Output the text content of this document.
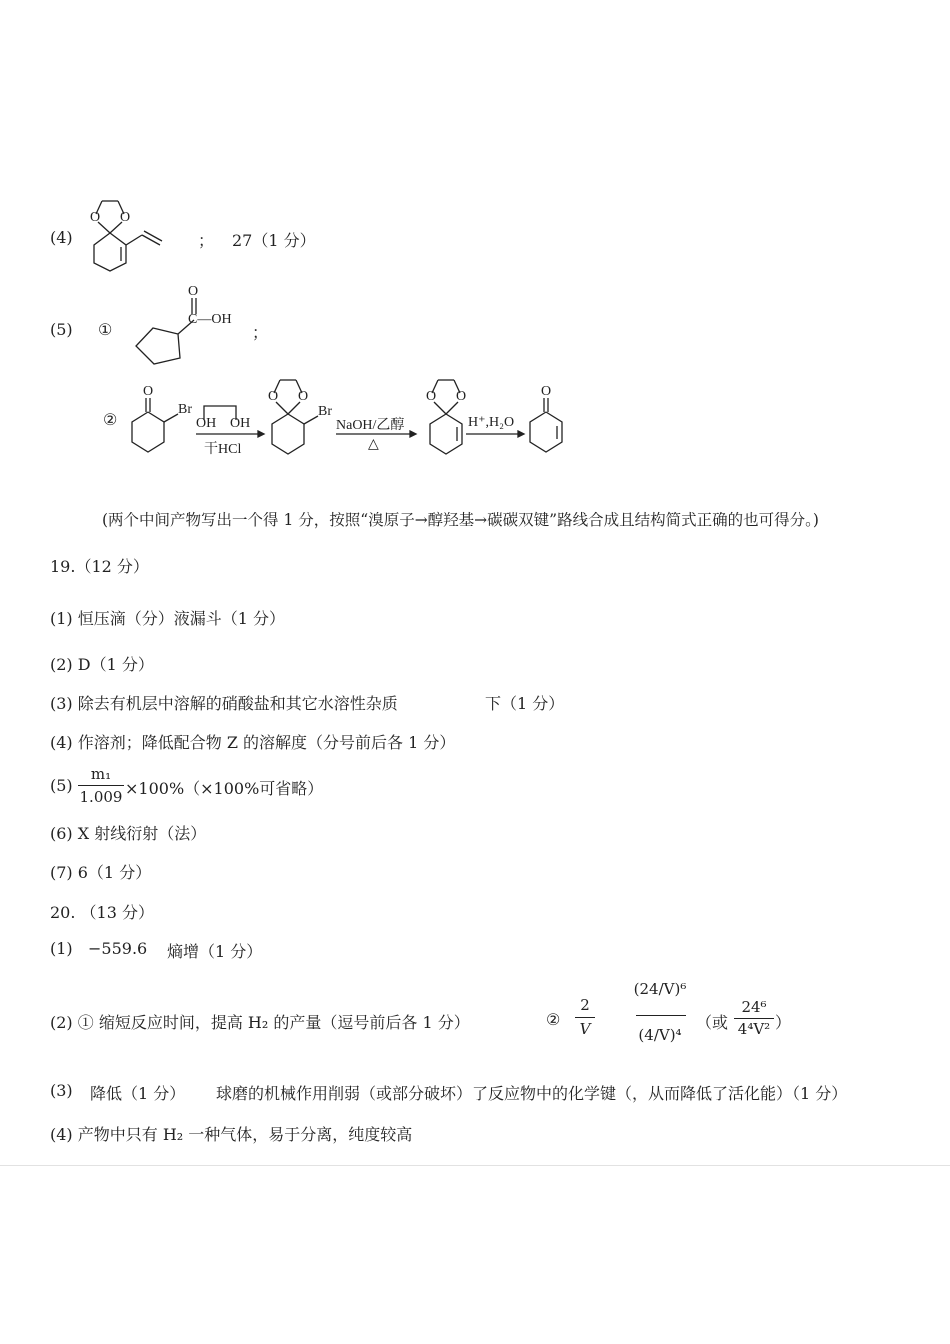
(4)
O O
； 27（1 分）
(5) ①
O
C—OH
；
②
O
Br
OH OH
干HCl
O O
Br
NaOH/乙醇
△
O O
H⁺,H₂O
O
(两个中间产物写出一个得 1 分，按照“溴原子→醇羟基→碳碳双键”路线合成且结构简式正确的也可得分。)
19.（12 分）
(1) 恒压滴（分）液漏斗（1 分）
(2) D（1 分）
(3) 除去有机层中溶解的硝酸盐和其它水溶性杂质	下（1 分）
(4) 作溶剂；降低配合物 Z 的溶解度（分号前后各 1 分）
(5)
m₁
1.009 ×100%（×100%可省略）
(6) X 射线衍射（法）
(7) 6（1 分）
20. （13 分）
(1) −559.6 熵增（1 分）
(2) ① 缩短反应时间，提高 H₂ 的产量（逗号前后各 1 分）	②
2
V
(24/V)⁶
(4/V)⁴
（或
24⁶
4⁴V² ）
(3) 降低（1 分） 球磨的机械作用削弱（或部分破坏）了反应物中的化学键（，从而降低了活化能）（1 分）
(4) 产物中只有 H₂ 一种气体，易于分离，纯度较高
